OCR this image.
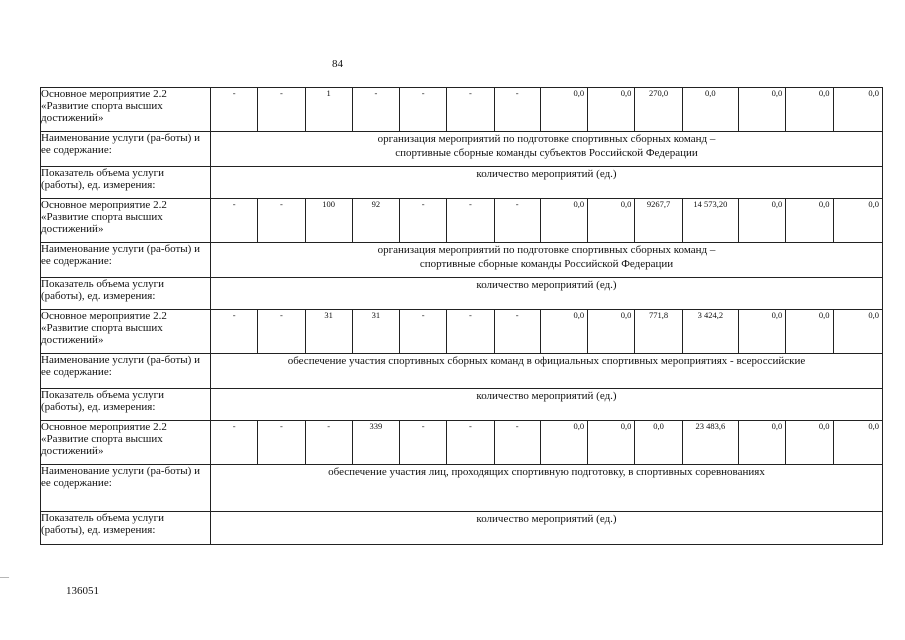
84
—
Основное мероприятие 2.2 «Развитие спорта высших достижений»	-	-	1	-	-	-	-	0,0	0,0	270,0	0,0	0,0	0,0	0,0
Наименование услуги (ра-боты) и ее содержание:	организация мероприятий по подготовке спортивных сборных команд –
спортивные сборные команды субъектов Российской Федерации													

Показатель объема услуги (работы), ед. измерения:	количество мероприятий (ед.)													
Основное мероприятие 2.2 «Развитие спорта высших достижений»	-	-	100	92	-	-	-	0,0	0,0	9267,7	14 573,20	0,0	0,0	0,0
Наименование услуги (ра-боты) и ее содержание:	организация мероприятий по подготовке спортивных сборных команд –
спортивные сборные команды Российской Федерации													

Показатель объема услуги (работы), ед. измерения:	количество мероприятий (ед.)													
Основное мероприятие 2.2 «Развитие спорта высших достижений»	-	-	31	31	-	-	-	0,0	0,0	771,8	3 424,2	0,0	0,0	0,0
Наименование услуги (ра-боты) и ее содержание:	обеспечение участия спортивных сборных команд в официальных спортивных мероприятиях - всероссийские													

Показатель объема услуги (работы), ед. измерения:	количество мероприятий (ед.)													
Основное мероприятие 2.2 «Развитие спорта высших достижений»	-	-	-	339	-	-	-	0,0	0,0	0,0	23 483,6	0,0	0,0	0,0
Наименование услуги (ра-боты) и ее содержание:	обеспечение участия лиц, проходящих спортивную подготовку, в спортивных соревнованиях													

Показатель объема услуги (работы), ед. измерения:	количество мероприятий (ед.)													
136051
